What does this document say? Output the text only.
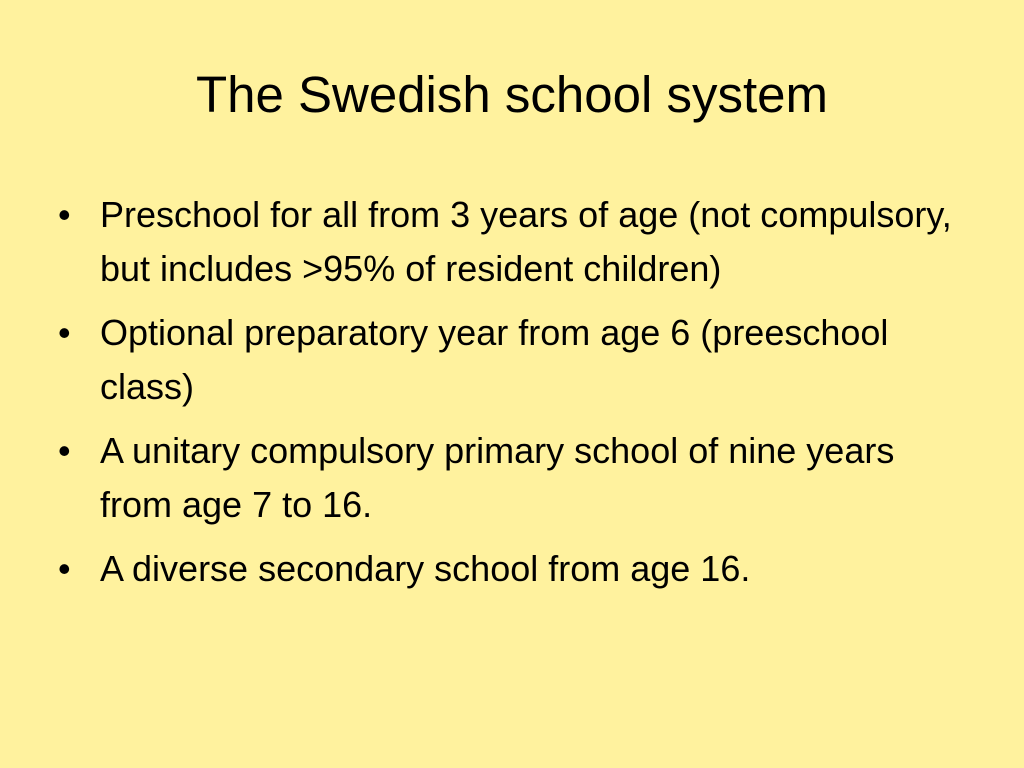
The Swedish school system
• Preschool for all from 3 years of age (not compulsory, but includes >95% of resident children)
• Optional preparatory year from age 6 (preeschool class)
• A unitary compulsory primary school of nine years from age 7 to 16.
• A diverse secondary school from age 16.
